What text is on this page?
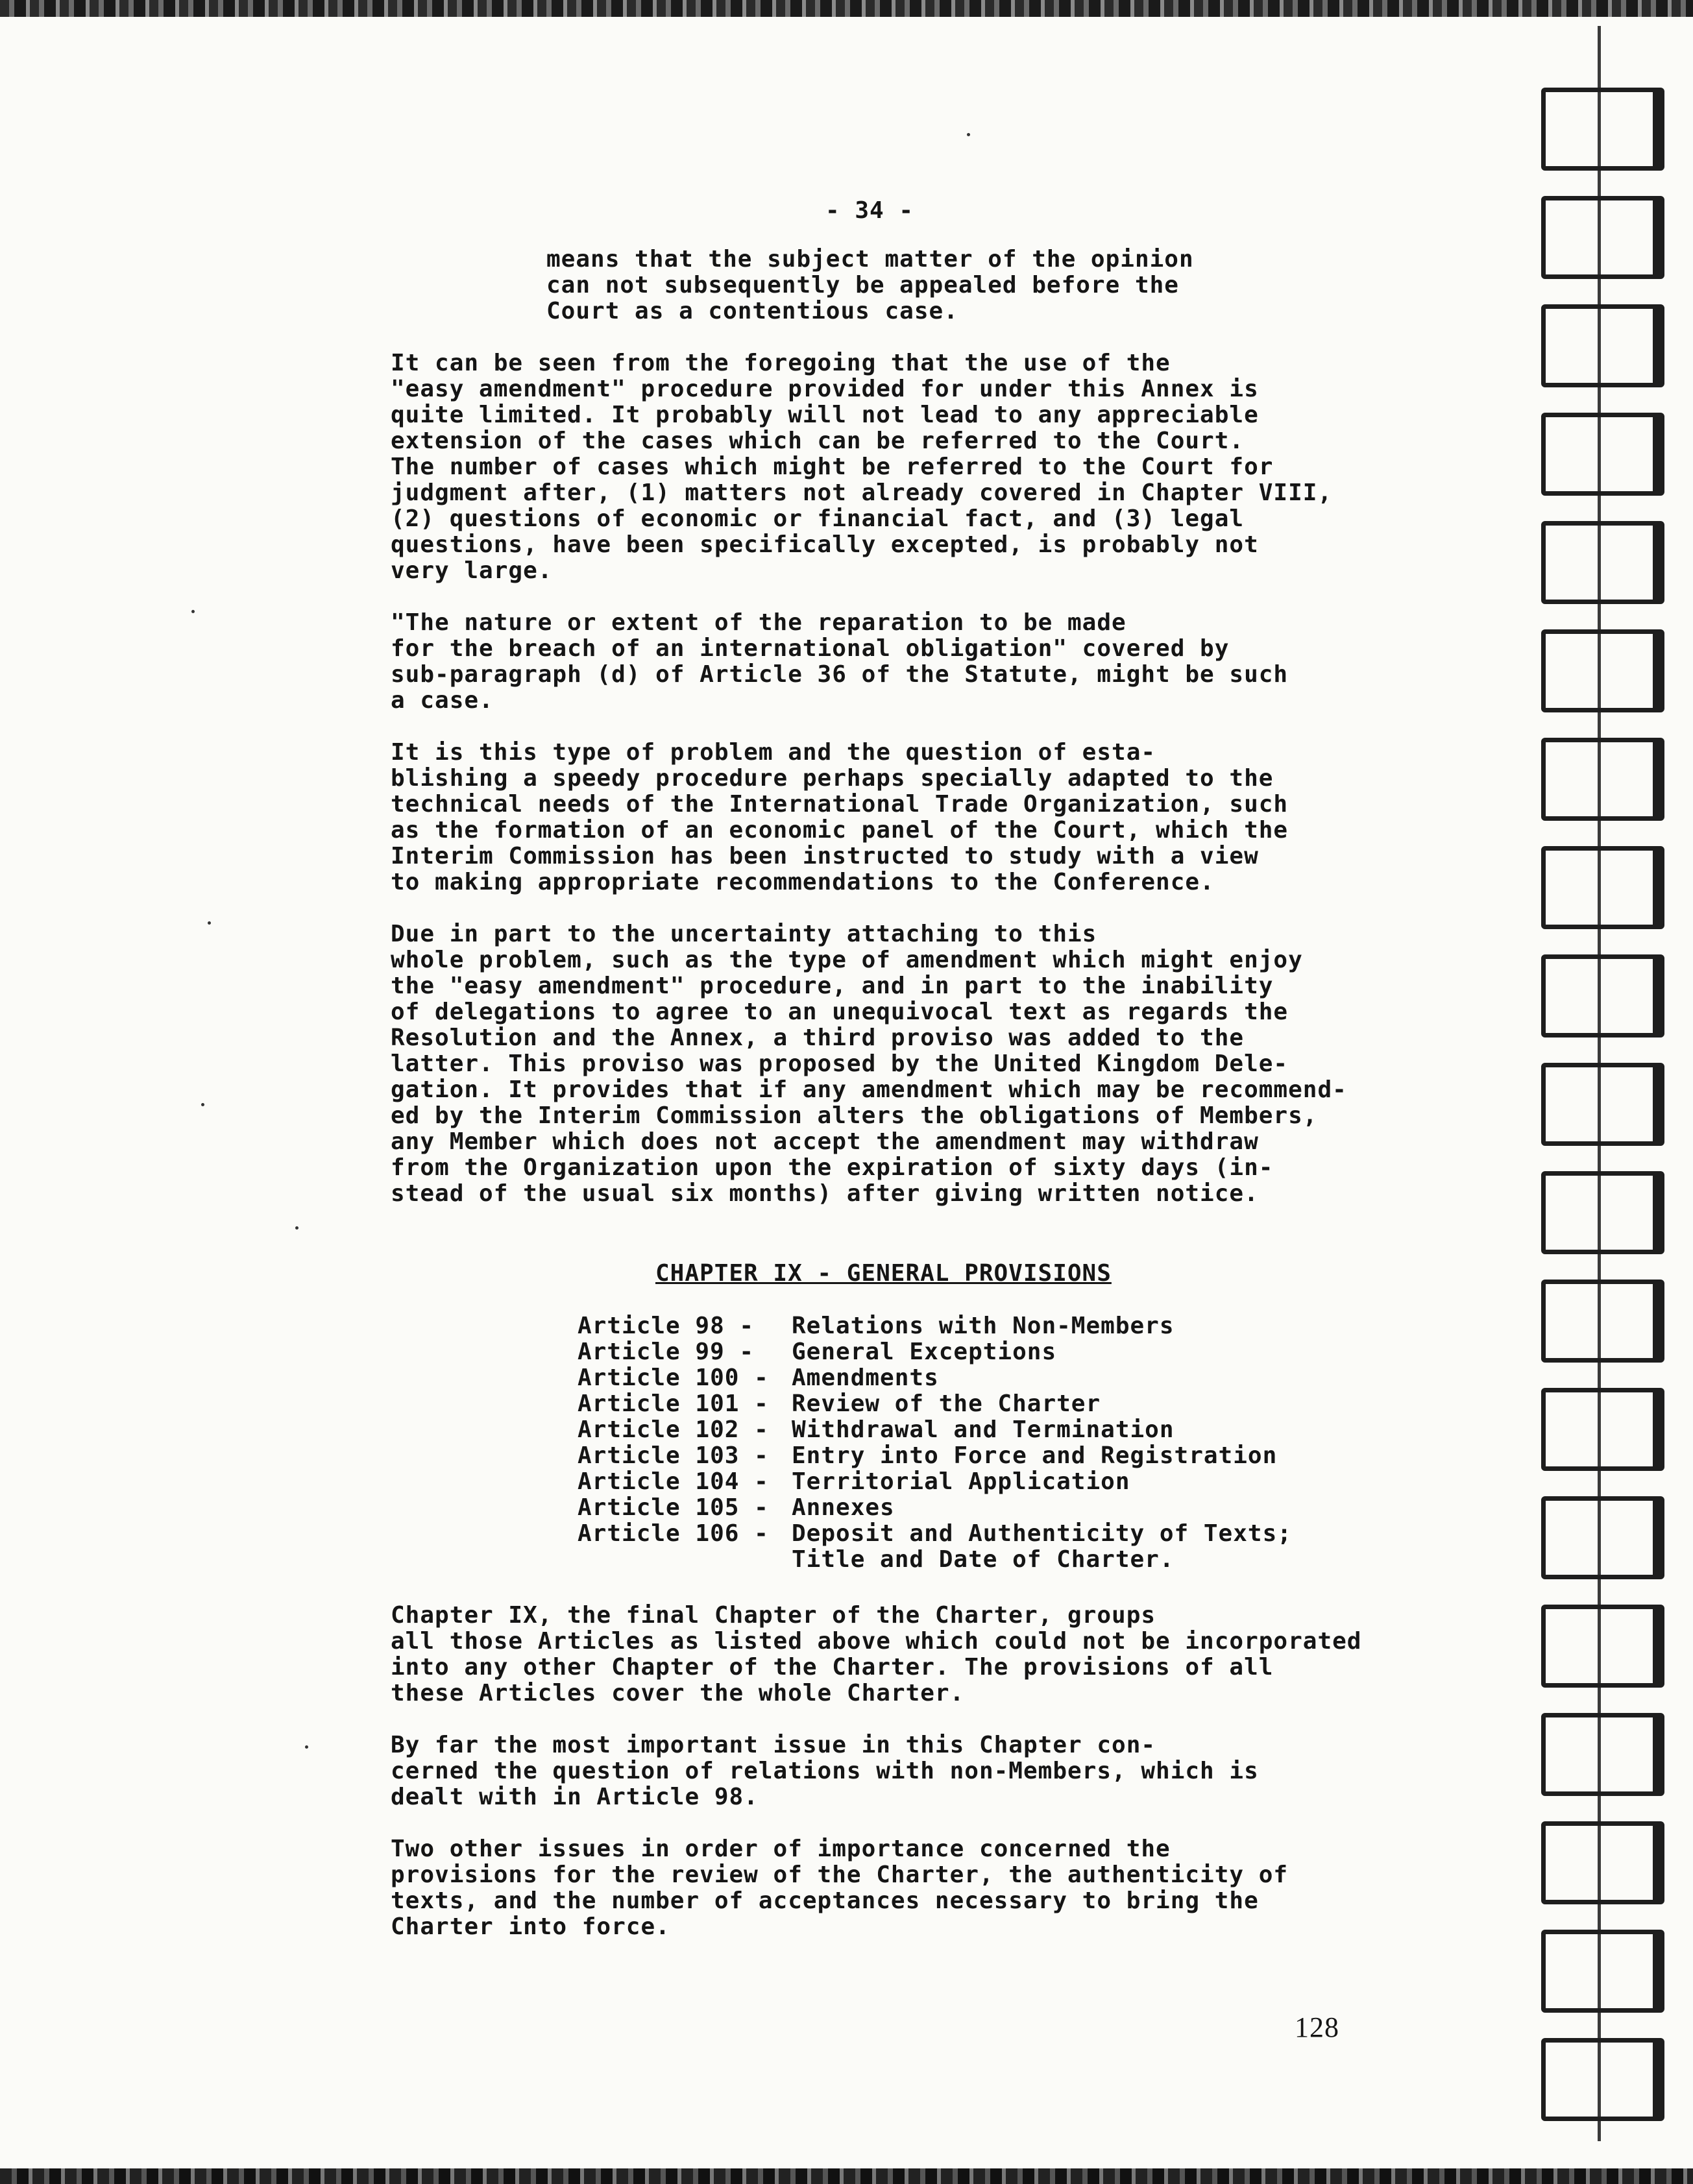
- 34 -

means that the subject matter of the opinion
can not subsequently be appealed before the
Court as a contentious case.

It can be seen from the foregoing that the use of the
"easy amendment" procedure provided for under this Annex is
quite limited. It probably will not lead to any appreciable
extension of the cases which can be referred to the Court.
The number of cases which might be referred to the Court for
judgment after, (1) matters not already covered in Chapter VIII,
(2) questions of economic or financial fact, and (3) legal
questions, have been specifically excepted, is probably not
very large.

"The nature or extent of the reparation to be made
for the breach of an international obligation" covered by
sub-paragraph (d) of Article 36 of the Statute, might be such
a case.

It is this type of problem and the question of esta-
blishing a speedy procedure perhaps specially adapted to the
technical needs of the International Trade Organization, such
as the formation of an economic panel of the Court, which the
Interim Commission has been instructed to study with a view
to making appropriate recommendations to the Conference.

Due in part to the uncertainty attaching to this
whole problem, such as the type of amendment which might enjoy
the "easy amendment" procedure, and in part to the inability
of delegations to agree to an unequivocal text as regards the
Resolution and the Annex, a third proviso was added to the
latter. This proviso was proposed by the United Kingdom Dele-
gation. It provides that if any amendment which may be recommend-
ed by the Interim Commission alters the obligations of Members,
any Member which does not accept the amendment may withdraw
from the Organization upon the expiration of sixty days (in-
stead of the usual six months) after giving written notice.

CHAPTER IX - GENERAL PROVISIONS
Article 98 -	Relations with Non-Members
Article 99 -	General Exceptions
Article 100 - Amendments
Article 101 - Review of the Charter
Article 102 - Withdrawal and Termination
Article 103 - Entry into Force and Registration
Article 104 - Territorial Application
Article 105 - Annexes
Article 106 - Deposit and Authenticity of Texts;
Title and Date of Charter.

Chapter IX, the final Chapter of the Charter, groups
all those Articles as listed above which could not be incorporated
into any other Chapter of the Charter. The provisions of all
these Articles cover the whole Charter.

By far the most important issue in this Chapter con-
cerned the question of relations with non-Members, which is
dealt with in Article 98.

Two other issues in order of importance concerned the
provisions for the review of the Charter, the authenticity of
texts, and the number of acceptances necessary to bring the
Charter into force.

128
